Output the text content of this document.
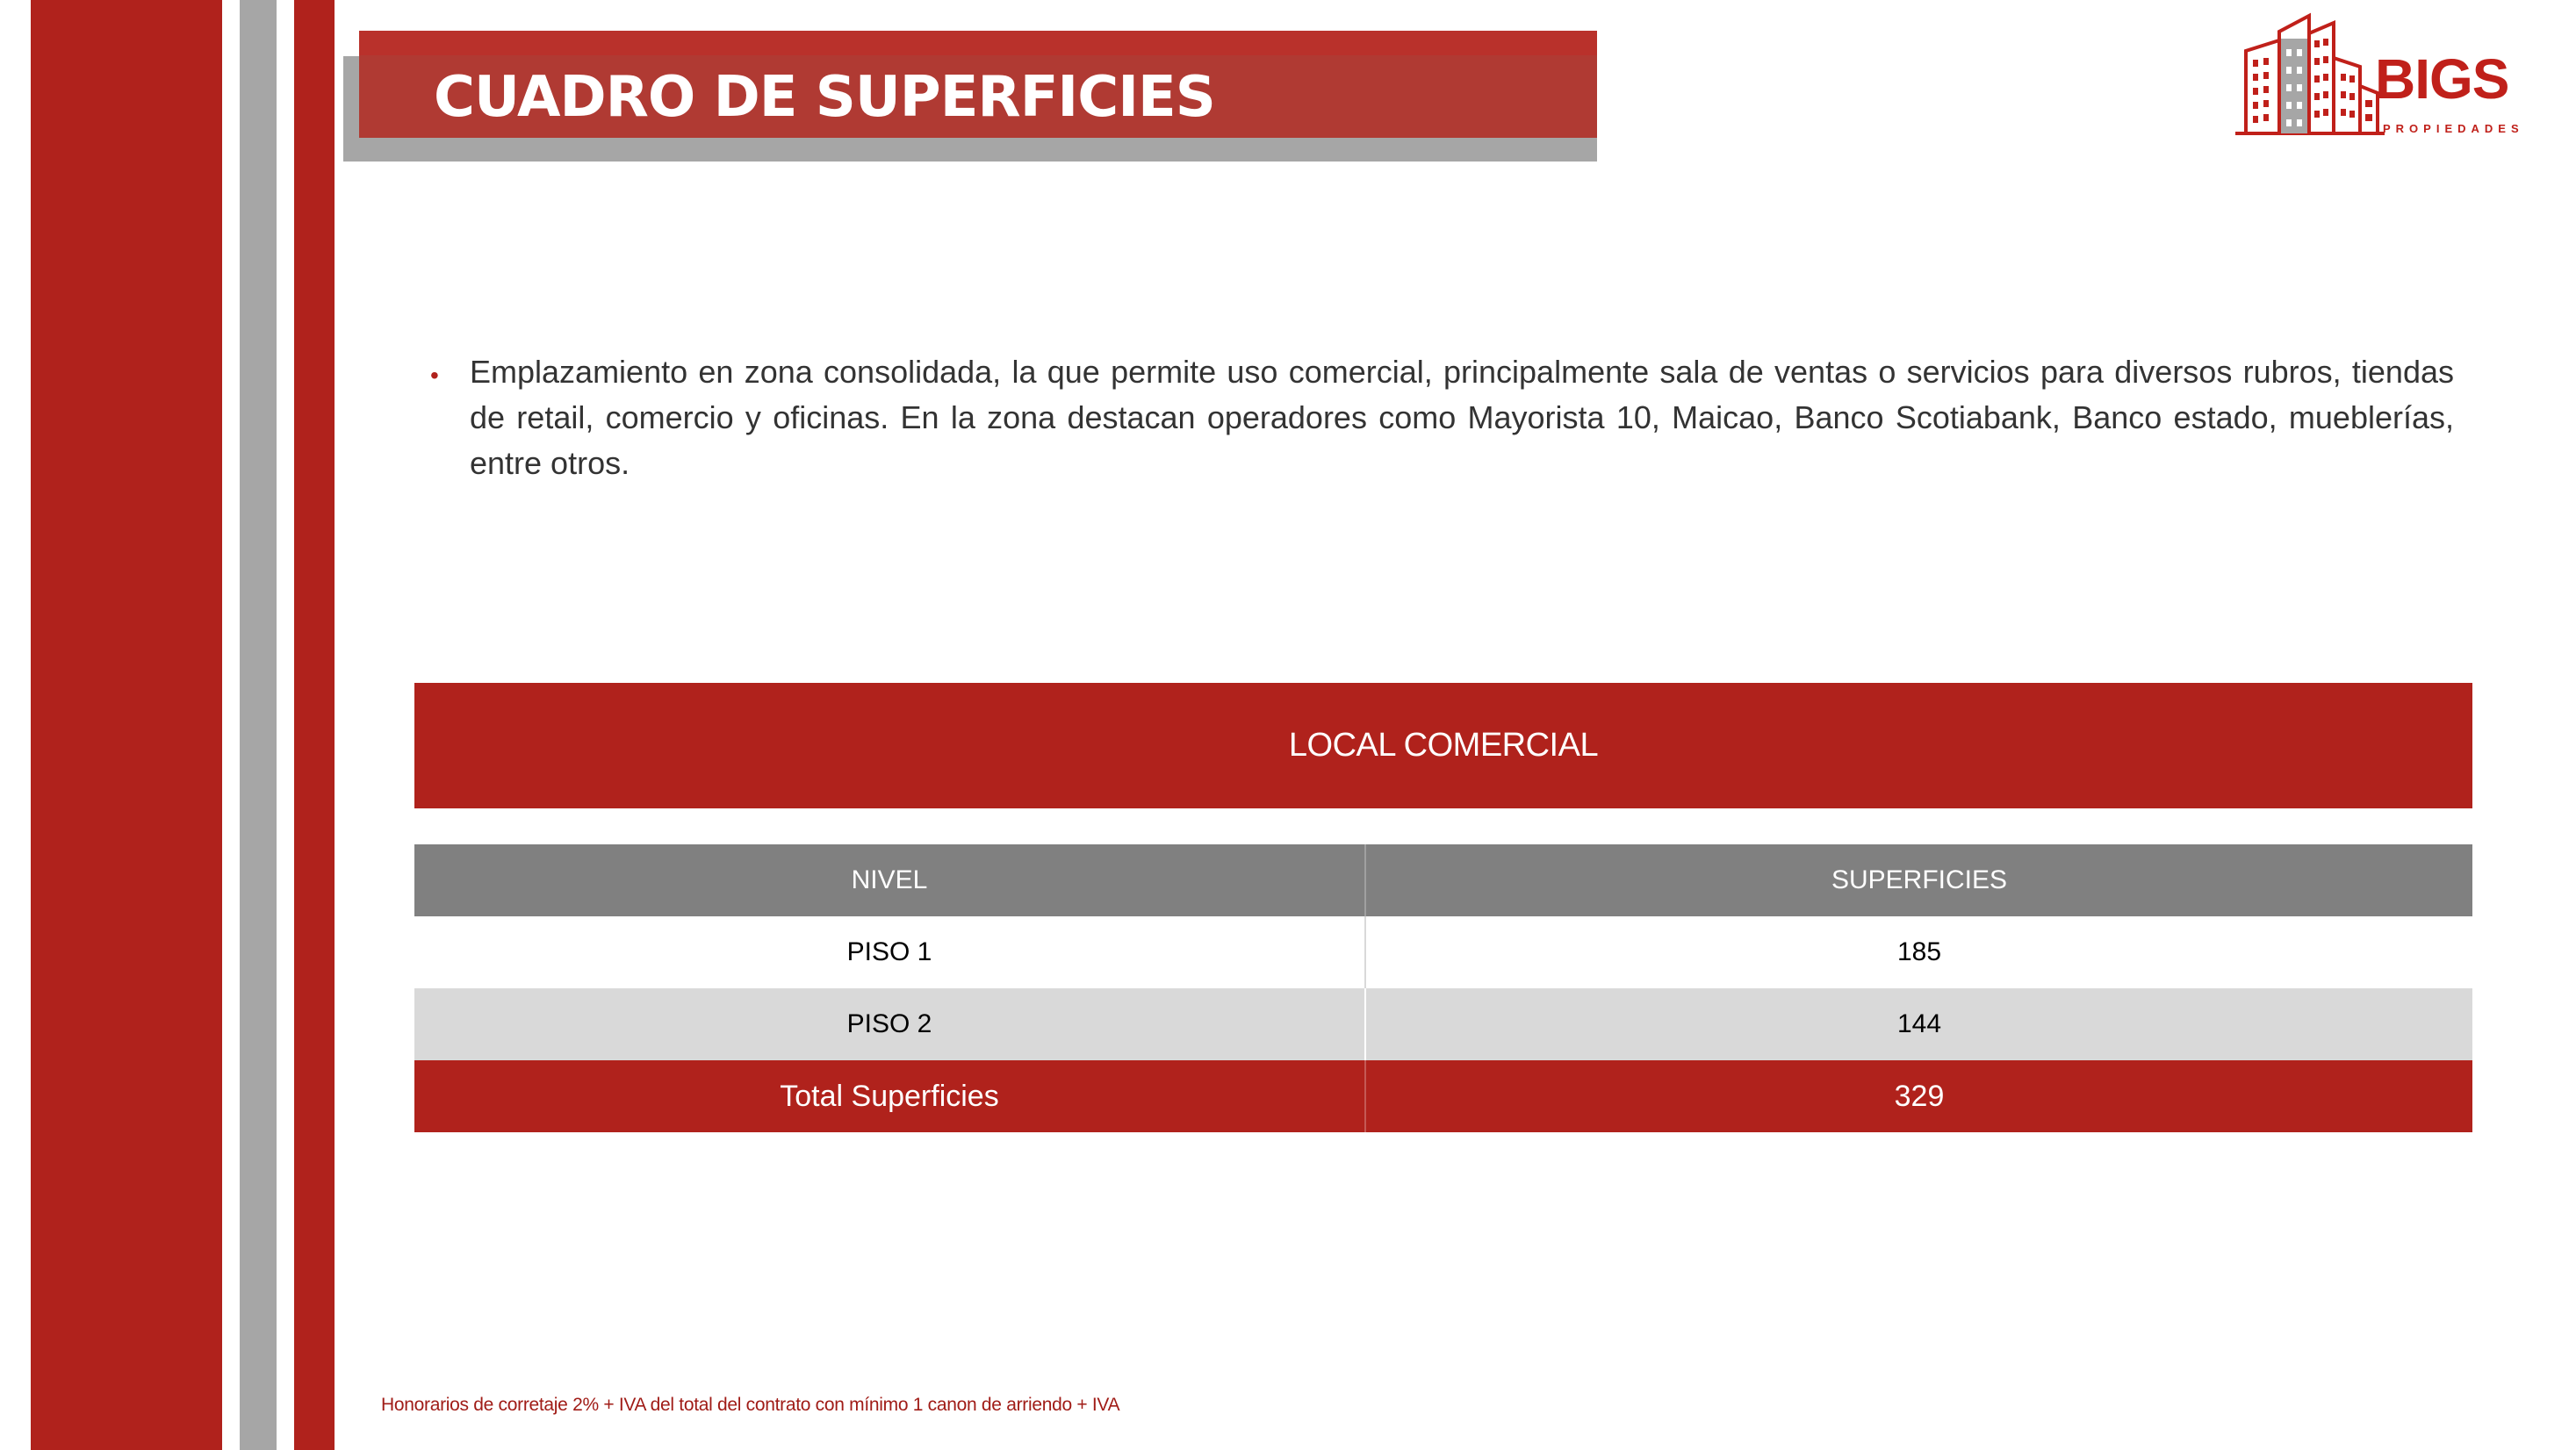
CUADRO DE SUPERFICIES	BIGS
PROPIEDADES
• Emplazamiento en zona consolidada, la que permite uso comercial, principalmente sala de ventas o servicios para diversos rubros, tiendas de retail, comercio y oficinas. En la zona destacan operadores como Mayorista 10, Maicao, Banco Scotiabank, Banco estado, mueblerías, entre otros.
LOCAL COMERCIAL
NIVEL	SUPERFICIES
PISO 1	185
PISO 2	144
Total Superficies	329
Honorarios de corretaje 2% + IVA del total del contrato con mínimo 1 canon de arriendo + IVA
